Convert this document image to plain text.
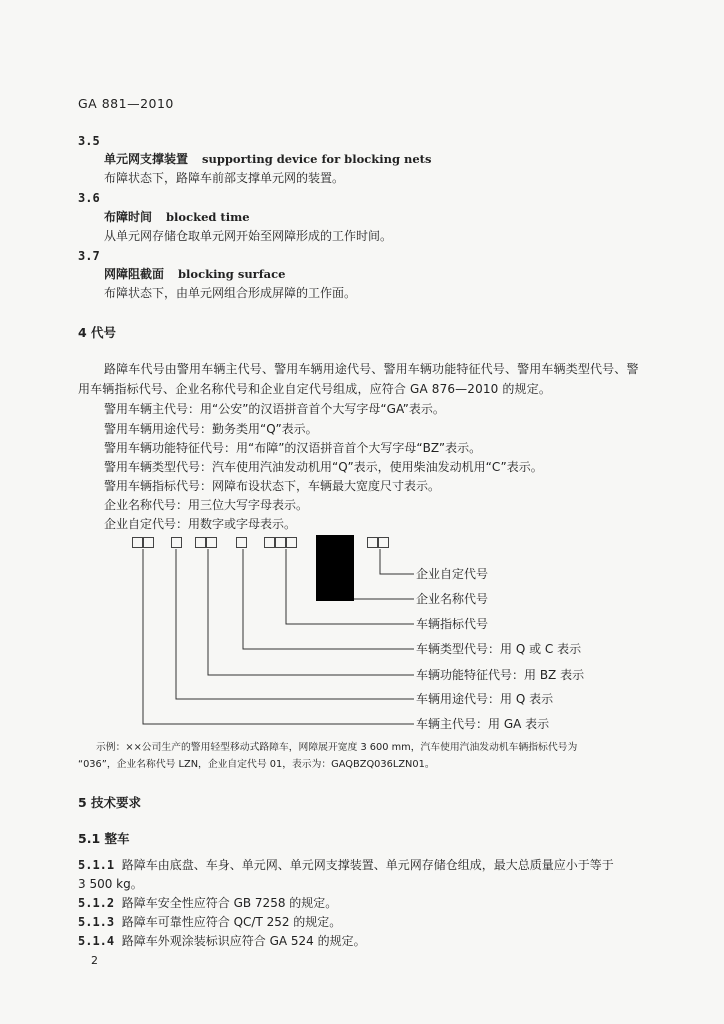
GA 881—2010
3.5
单元网支撑装置 supporting device for blocking nets
布障状态下，路障车前部支撑单元网的装置。
3.6
布障时间 blocked time
从单元网存储仓取单元网开始至网障形成的工作时间。
3.7
网障阻截面 blocking surface
布障状态下，由单元网组合形成屏障的工作面。
4 代号
路障车代号由警用车辆主代号、警用车辆用途代号、警用车辆功能特征代号、警用车辆类型代号、警
用车辆指标代号、企业名称代号和企业自定代号组成，应符合 GA 876—2010 的规定。
警用车辆主代号：用“公安”的汉语拼音首个大写字母“GA”表示。
警用车辆用途代号：勤务类用“Q”表示。
警用车辆功能特征代号：用“布障”的汉语拼音首个大写字母“BZ”表示。
警用车辆类型代号：汽车使用汽油发动机用“Q”表示，使用柴油发动机用“C”表示。
警用车辆指标代号：网障布设状态下，车辆最大宽度尺寸表示。
企业名称代号：用三位大写字母表示。
企业自定代号：用数字或字母表示。
企业自定代号
企业名称代号
车辆指标代号
车辆类型代号：用 Q 或 C 表示
车辆功能特征代号：用 BZ 表示
车辆用途代号：用 Q 表示
车辆主代号：用 GA 表示
示例：××公司生产的警用轻型移动式路障车，网障展开宽度 3 600 mm，汽车使用汽油发动机车辆指标代号为
“036”，企业名称代号 LZN，企业自定代号 01，表示为：GAQBZQ036LZN01。
5 技术要求
5.1 整车
5.1.1 路障车由底盘、车身、单元网、单元网支撑装置、单元网存储仓组成，最大总质量应小于等于
3 500 kg。
5.1.2 路障车安全性应符合 GB 7258 的规定。
5.1.3 路障车可靠性应符合 QC/T 252 的规定。
5.1.4 路障车外观涂装标识应符合 GA 524 的规定。
2
